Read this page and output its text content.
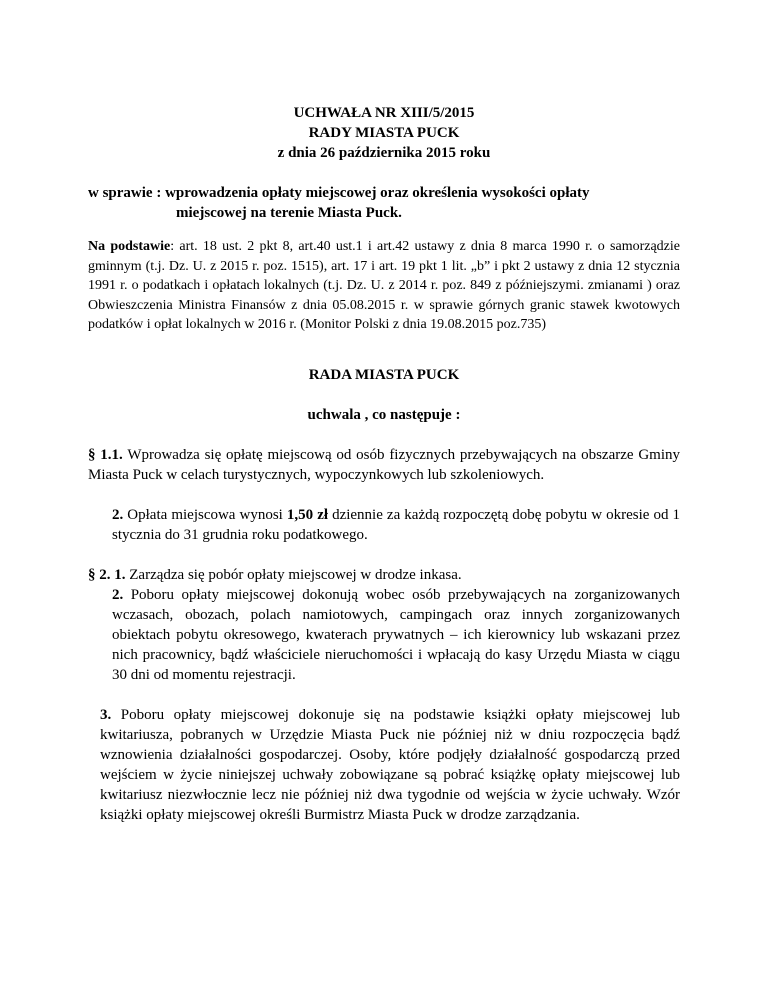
UCHWAŁA NR XIII/5/2015
RADY MIASTA PUCK
z dnia 26 października 2015 roku
w sprawie : wprowadzenia opłaty miejscowej oraz określenia wysokości opłaty
miejscowej na terenie Miasta Puck.
Na podstawie: art. 18 ust. 2 pkt 8, art.40 ust.1 i art.42 ustawy z dnia 8 marca 1990 r. o samorządzie gminnym (t.j. Dz. U. z 2015 r. poz. 1515), art. 17 i art. 19 pkt 1 lit. „b” i pkt 2 ustawy z dnia 12 stycznia 1991 r. o podatkach i opłatach lokalnych (t.j. Dz. U. z 2014 r. poz. 849 z późniejszymi. zmianami ) oraz Obwieszczenia Ministra Finansów z dnia 05.08.2015 r. w sprawie górnych granic stawek kwotowych podatków i opłat lokalnych w 2016 r. (Monitor Polski z dnia 19.08.2015 poz.735)
RADA MIASTA PUCK
uchwala , co następuje :
§ 1.1. Wprowadza się opłatę miejscową od osób fizycznych przebywających na obszarze Gminy Miasta Puck w celach turystycznych, wypoczynkowych lub szkoleniowych.
2. Opłata miejscowa wynosi 1,50 zł dziennie za każdą rozpoczętą dobę pobytu w okresie od 1 stycznia do 31 grudnia roku podatkowego.
§ 2. 1. Zarządza się pobór opłaty miejscowej w drodze inkasa.
2. Poboru opłaty miejscowej dokonują wobec osób przebywających na zorganizowanych wczasach, obozach, polach namiotowych, campingach oraz innych zorganizowanych obiektach pobytu okresowego, kwaterach prywatnych – ich kierownicy lub wskazani przez nich pracownicy, bądź właściciele nieruchomości i wpłacają do kasy Urzędu Miasta w ciągu 30 dni od momentu rejestracji.
3. Poboru opłaty miejscowej dokonuje się na podstawie książki opłaty miejscowej lub kwitariusza, pobranych w Urzędzie Miasta Puck nie później niż w dniu rozpoczęcia bądź wznowienia działalności gospodarczej. Osoby, które podjęły działalność gospodarczą przed wejściem w życie niniejszej uchwały zobowiązane są pobrać książkę opłaty miejscowej lub kwitariusz niezwłocznie lecz nie później niż dwa tygodnie od wejścia w życie uchwały. Wzór książki opłaty miejscowej określi Burmistrz Miasta Puck w drodze zarządzania.
